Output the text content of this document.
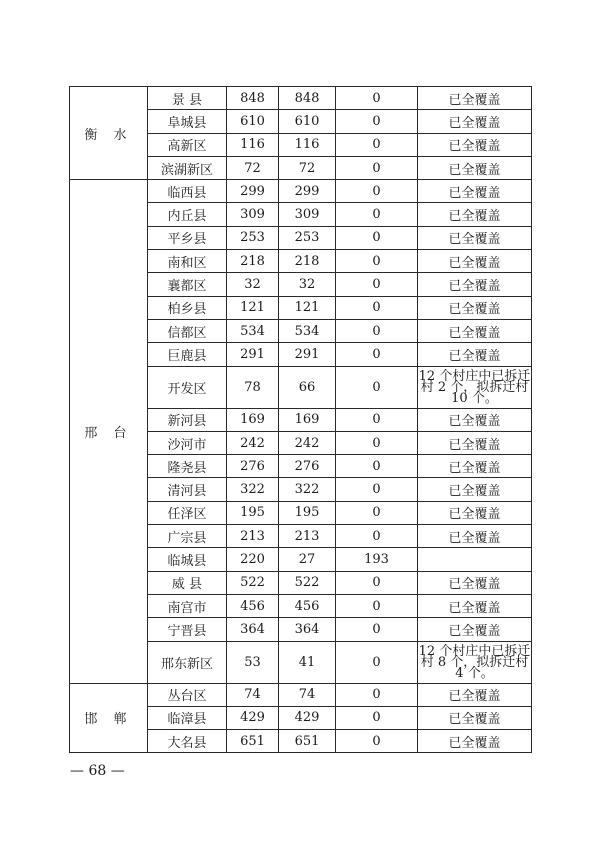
衡 水	景 县	848	848	0	已全覆盖
	阜城县	610	610	0	已全覆盖
	高新区	116	116	0	已全覆盖
	滨湖新区	72	72	0	已全覆盖
邢 台	临西县	299	299	0	已全覆盖
	内丘县	309	309	0	已全覆盖
	平乡县	253	253	0	已全覆盖
	南和区	218	218	0	已全覆盖
	襄都区	32	32	0	已全覆盖
	柏乡县	121	121	0	已全覆盖
	信都区	534	534	0	已全覆盖
	巨鹿县	291	291	0	已全覆盖
	开发区	78	66	0	12 个村庄中已拆迁村 2 个，拟拆迁村 10 个。
	新河县	169	169	0	已全覆盖
	沙河市	242	242	0	已全覆盖
	隆尧县	276	276	0	已全覆盖
	清河县	322	322	0	已全覆盖
	任泽区	195	195	0	已全覆盖
	广宗县	213	213	0	已全覆盖
	临城县	220	27	193	
	威 县	522	522	0	已全覆盖
	南宫市	456	456	0	已全覆盖
	宁晋县	364	364	0	已全覆盖
	邢东新区	53	41	0	12 个村庄中已拆迁村 8 个，拟拆迁村 4 个。
邯 郸	丛台区	74	74	0	已全覆盖
	临漳县	429	429	0	已全覆盖
	大名县	651	651	0	已全覆盖
— 68 —
